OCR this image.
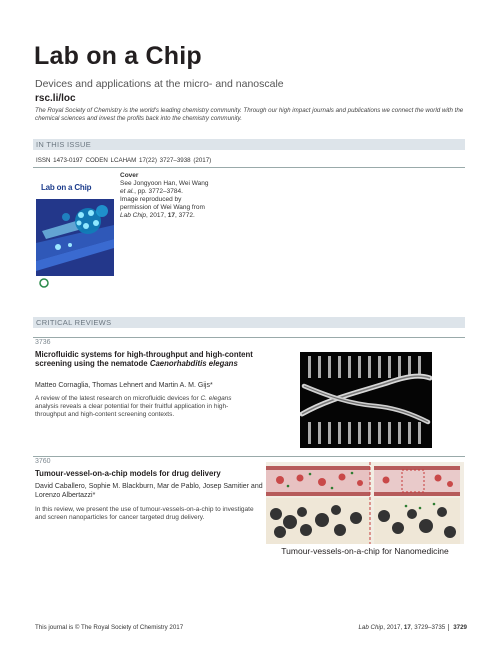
Lab on a Chip
Devices and applications at the micro- and nanoscale
rsc.li/loc
The Royal Society of Chemistry is the world's leading chemistry community. Through our high impact journals and publications we connect the world with the chemical sciences and invest the profits back into the chemistry community.
IN THIS ISSUE
ISSN 1473-0197 CODEN LCAHAM 17(22) 3727–3938 (2017)
Lab on a Chip
Cover
See Jongyoon Han, Wei Wang
et al., pp. 3772–3784.
Image reproduced by
permission of Wei Wang from
Lab Chip, 2017, 17, 3772.
CRITICAL REVIEWS
3736
Microfluidic systems for high-throughput and high-content screening using the nematode Caenorhabditis elegans
Matteo Cornaglia, Thomas Lehnert and Martin A. M. Gijs*
A review of the latest research on microfluidic devices for C. elegans analysis reveals a clear potential for their fruitful application in high-throughput and high-content screening contexts.
3760
Tumour-vessel-on-a-chip models for drug delivery
David Caballero, Sophie M. Blackburn, Mar de Pablo, Josep Samitier and Lorenzo Albertazzi*
In this review, we present the use of tumour-vessels-on-a-chip to investigate and screen nanoparticles for cancer targeted drug delivery.
Tumour-vessels-on-a-chip for Nanomedicine
This journal is © The Royal Society of Chemistry 2017	Lab Chip, 2017, 17, 3729–3735 3729
